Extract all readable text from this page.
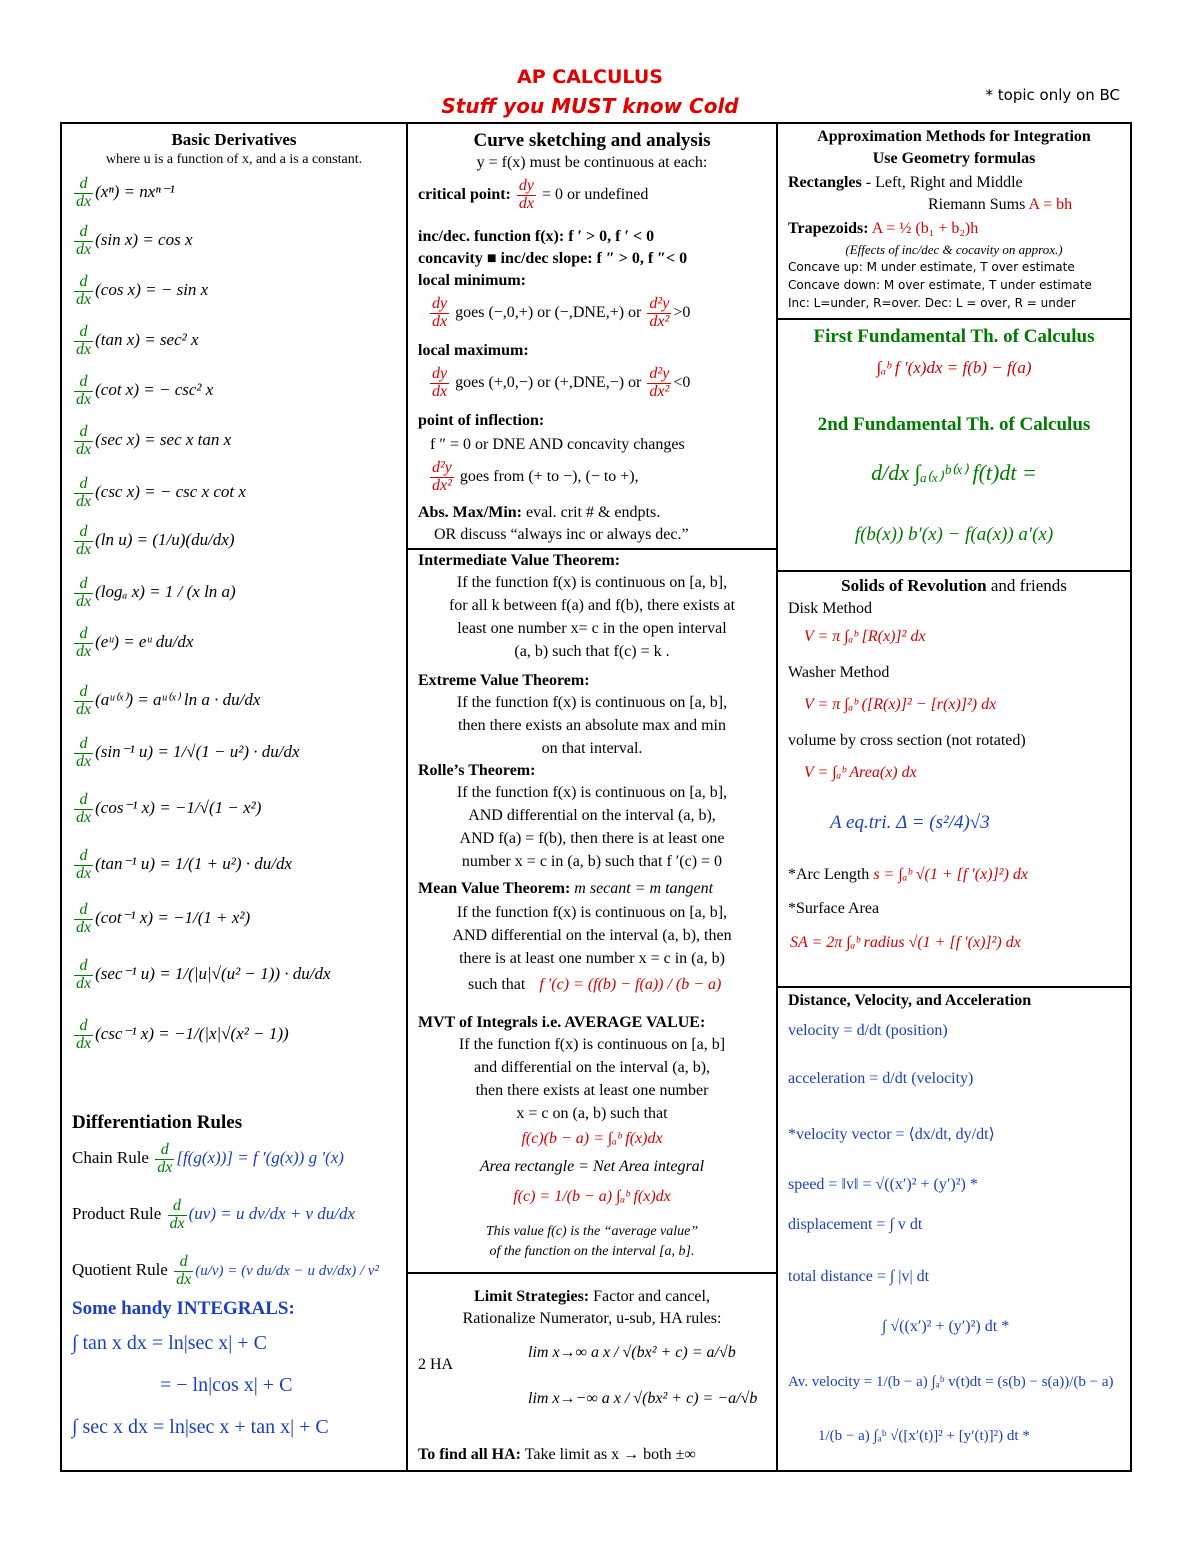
AP CALCULUS
Stuff you MUST know Cold	* topic only on BC
Basic Derivatives
where u is a function of x, and a is a constant.
$\frac{d}{dx} (x^n) = nx^{n-1}$
$\frac{d}{dx} (\sin$ x) = cos x
$\frac{d}{dx} (\cos$ x) = − sin x
$\frac{d}{dx} (\tan$ x) = sec² x
$\frac{d}{dx} (\cot$ x) = − csc² x
$\frac{d}{dx} (\sec$ x) = sec x tan x
$\frac{d}{dx} (\csc$ x) = − csc x cot x
$\frac{d}{dx} (\ln$ u) = (1/u)(du/dx)
$\frac{d}{dx} (\log_a$ x) = 1 / (x ln a)
$\frac{d}{dx}$ (eᵘ) = eᵘ du/dx
$\frac{d}{dx}$ (aᵘ⁽ˣ⁾) = aᵘ⁽ˣ⁾ ln a · du/dx
$\frac{d}{dx} (\sin^{-1}$ u) = 1/√(1 − u²) · du/dx
$\frac{d}{dx} (\cos^{-1}$ x) = −1/√(1 − x²)
$\frac{d}{dx} (\tan^{-1}$ u) = 1/(1 + u²) · du/dx
$\frac{d}{dx} (\cot^{-1}$ x) = −1/(1 + x²)
$\frac{d}{dx} (\sec^{-1}$ u) = 1/(|u|√(u² − 1)) · du/dx
$\frac{d}{dx} (\csc^{-1}$ x) = −1/(|x|√(x² − 1))
Differentiation Rules
Chain Rule $\frac{d}{dx} [f(g(x))] = f$ ′(g(x)) g ′(x)
Product Rule $\frac{d}{dx} (uv) = u$ dv/dx + v du/dx
Quotient Rule $\frac{d}{dx} (u/v) = (v$ du/dx − u dv/dx) / v²
Some handy INTEGRALS:
∫ tan x dx = ln|sec x| + C
= − ln|cos x| + C
∫ sec x dx = ln|sec x + tan x| + C
Curve sketching and analysis
y = f(x) must be continuous at each:
critical point: $\frac{dy}{dx} = 0$ or undefined
inc/dec. function f(x): f ′ > 0, f ′ < 0
concavity ■ inc/dec slope: f ″ > 0, f ″< 0
local minimum:
$\frac{dy}{dx}$ goes (−,0,+) or (−,DNE,+) or $\frac{\text{d²y}}{\text{dx²}} >0$
local maximum:
$\frac{dy}{dx}$ goes (+,0,−) or (+,DNE,−) or $\frac{\text{d²y}}{\text{dx²}} <0$
point of inflection:
f ″ = 0 or DNE AND concavity changes
$\frac{\text{d²y}}{\text{dx²}}$ goes from (+ to −), (− to +),
Abs. Max/Min: eval. crit # & endpts.
OR discuss “always inc or always dec.”
Intermediate Value Theorem:
If the function f(x) is continuous on [a, b],
for all k between f(a) and f(b), there exists at
least one number x= c in the open interval
(a, b) such that f(c) = k .
Extreme Value Theorem:
If the function f(x) is continuous on [a, b],
then there exists an absolute max and min
on that interval.
Rolle’s Theorem:
If the function f(x) is continuous on [a, b],
AND differential on the interval (a, b),
AND f(a) = f(b), then there is at least one
number x = c in (a, b) such that f ′(c) = 0
Mean Value Theorem: m secant = m tangent
If the function f(x) is continuous on [a, b],
AND differential on the interval (a, b), then
there is at least one number x = c in (a, b)
such that f ′(c) = (f(b) − f(a)) / (b − a)
MVT of Integrals i.e. AVERAGE VALUE:
If the function f(x) is continuous on [a, b]
and differential on the interval (a, b),
then there exists at least one number
x = c on (a, b) such that
f(c)(b − a) = ∫ₐᵇ f(x)dx
Area rectangle = Net Area integral
f(c) = 1/(b − a) ∫ₐᵇ f(x)dx
This value f(c) is the “average value”
of the function on the interval [a, b].
Limit Strategies: Factor and cancel,
Rationalize Numerator, u-sub, HA rules:
2 HA
lim x→∞ a x / √(bx² + c) = a/√b
lim x→−∞ a x / √(bx² + c) = −a/√b
To find all HA: Take limit as x → both ±∞
Approximation Methods for Integration
Use Geometry formulas
Rectangles - Left, Right and Middle
Riemann Sums A = bh
Trapezoids: A = ½ (b₁ + b₂)h
(Effects of inc/dec & cocavity on approx.)
Concave up: M under estimate, T over estimate
Concave down: M over estimate, T under estimate
Inc: L=under, R=over. Dec: L = over, R = under
First Fundamental Th. of Calculus
∫ₐᵇ f ′(x)dx = f(b) − f(a)
2nd Fundamental Th. of Calculus
d/dx ∫ₐ₍ₓ₎ᵇ⁽ˣ⁾ f(t)dt =
f(b(x)) b′(x) − f(a(x)) a′(x)
Solids of Revolution and friends
Disk Method
V = π ∫ₐᵇ [R(x)]² dx
Washer Method
V = π ∫ₐᵇ ([R(x)]² − [r(x)]²) dx
volume by cross section (not rotated)
V = ∫ₐᵇ Area(x) dx
A eq.tri. Δ = (s²/4)√3
*Arc Length s = ∫ₐᵇ √(1 + [f ′(x)]²) dx
*Surface Area
SA = 2π ∫ₐᵇ radius √(1 + [f ′(x)]²) dx
Distance, Velocity, and Acceleration
velocity = d/dt (position)
acceleration = d/dt (velocity)
*velocity vector = ⟨dx/dt, dy/dt⟩
speed = ‖v‖ = √((x′)² + (y′)²) *
displacement = ∫ v dt
total distance = ∫ |v| dt
∫ √((x′)² + (y′)²) dt *
Av. velocity = 1/(b − a) ∫ₐᵇ v(t)dt = (s(b) − s(a))/(b − a)
1/(b − a) ∫ₐᵇ √([x′(t)]² + [y′(t)]²) dt *
